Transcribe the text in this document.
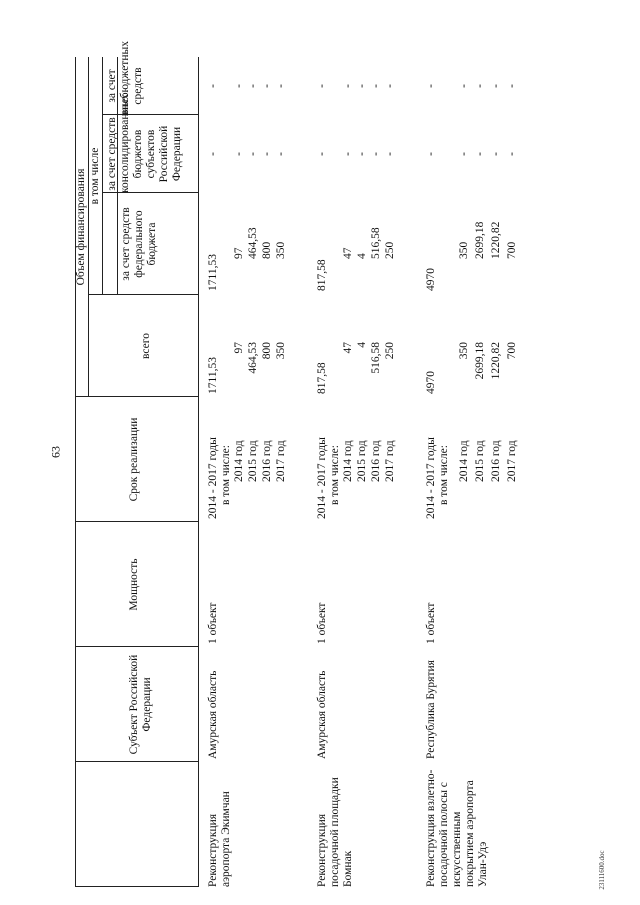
63
23111600.doc
Субъект Российской Федерации
Мощность
Срок реализации
Объем финансирования
всего
в том числе
за счет средств федерального бюджета
за счет средств консолидированных бюджетов субъектов Российской Федерации
за счет внебюджетных средств
Реконструкция аэропорта Экимчан
Амурская область
1 объект
2014 - 2017 годы в том числе: 2014 год 2015 год 2016 год 2017 год
1711,53
97 464,53 800 350
1711,53
97 464,53 800 350
- - - - -
- - - - -
Реконструкция посадочной площадки Бомнак
Амурская область
1 объект
2014 - 2017 годы в том числе: 2014 год 2015 год 2016 год 2017 год
817,58
47 4 516,58 250
817,58
47 4 516,58 250
- - - - -
- - - - -
Реконструкция взлетно-посадочной полосы с искусственным покрытием аэропорта Улан-Удэ
Республика Бурятия
1 объект
2014 - 2017 годы в том числе: 2014 год 2015 год 2016 год 2017 год
4970
350 2699,18 1220,82 700
4970
350 2699,18 1220,82 700
- - - - -
- - - - -
